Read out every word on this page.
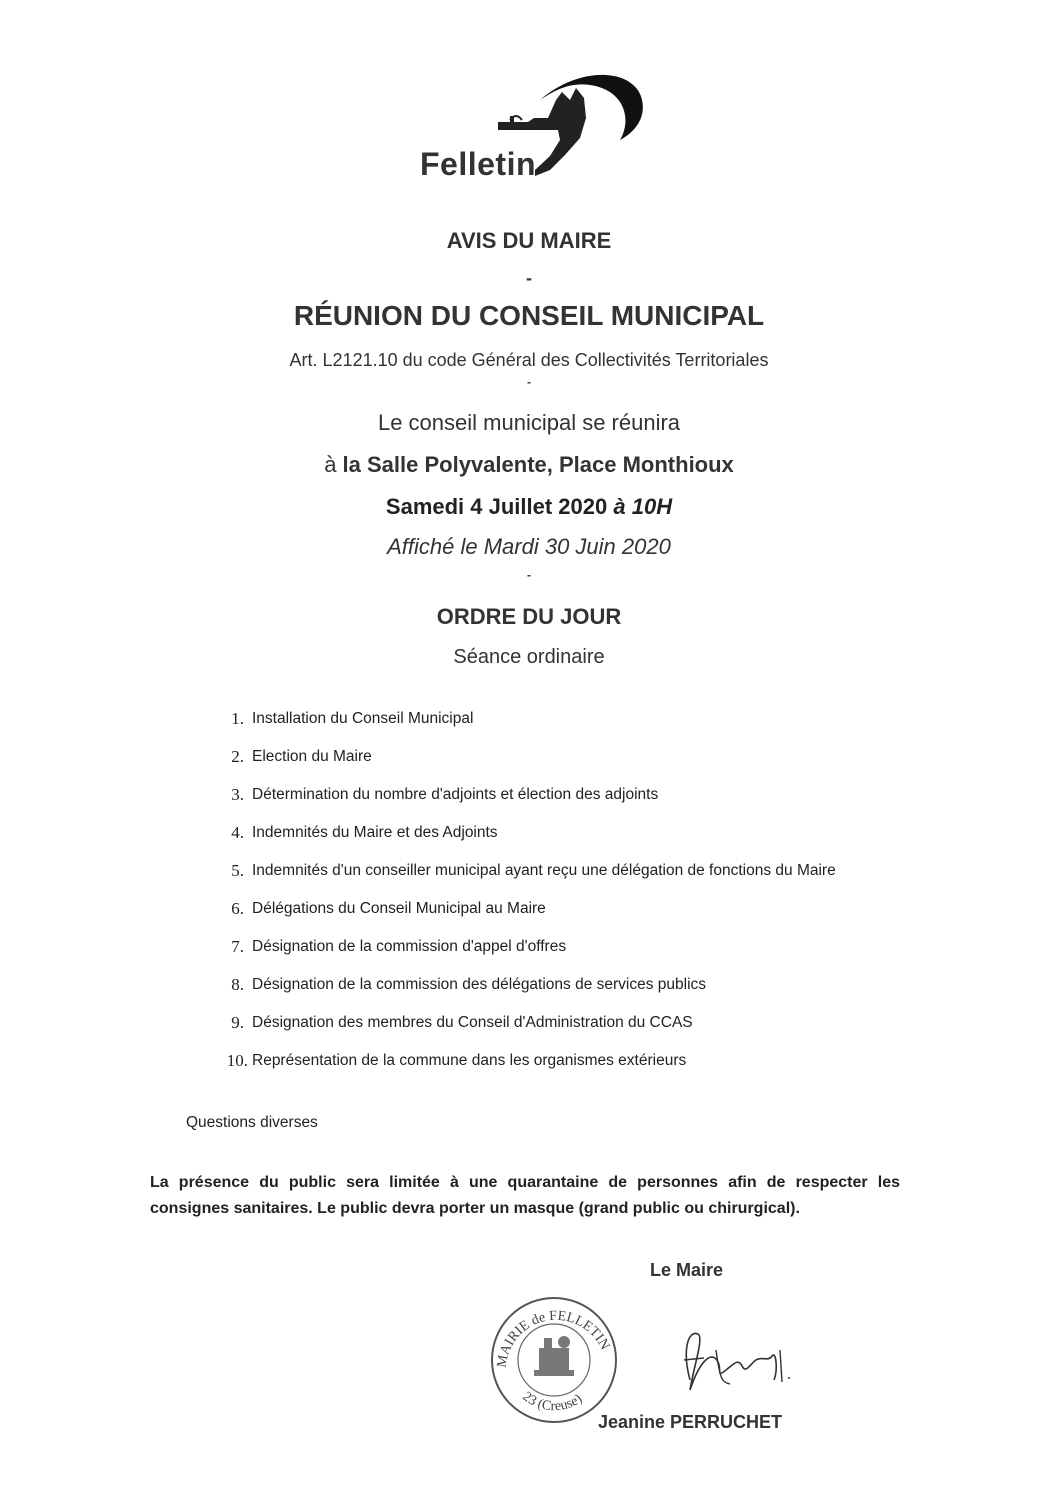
Felletin
AVIS DU MAIRE
-
RÉUNION DU CONSEIL MUNICIPAL
Art. L2121.10 du code Général des Collectivités Territoriales
-
Le conseil municipal se réunira
à la Salle Polyvalente, Place Monthioux
Samedi 4 Juillet 2020 à 10H
Affiché le Mardi 30 Juin 2020
-
ORDRE DU JOUR
Séance ordinaire
1. Installation du Conseil Municipal
2. Election du Maire
3. Détermination du nombre d'adjoints et élection des adjoints
4. Indemnités du Maire et des Adjoints
5. Indemnités d'un conseiller municipal ayant reçu une délégation de fonctions du Maire
6. Délégations du Conseil Municipal au Maire
7. Désignation de la commission d'appel d'offres
8. Désignation de la commission des délégations de services publics
9. Désignation des membres du Conseil d'Administration du CCAS
10. Représentation de la commune dans les organismes extérieurs
Questions diverses
La présence du public sera limitée à une quarantaine de personnes afin de respecter les consignes sanitaires. Le public devra porter un masque (grand public ou chirurgical).
Le Maire
MAIRIE de FELLETIN
23 (Creuse)
Jeanine PERRUCHET
